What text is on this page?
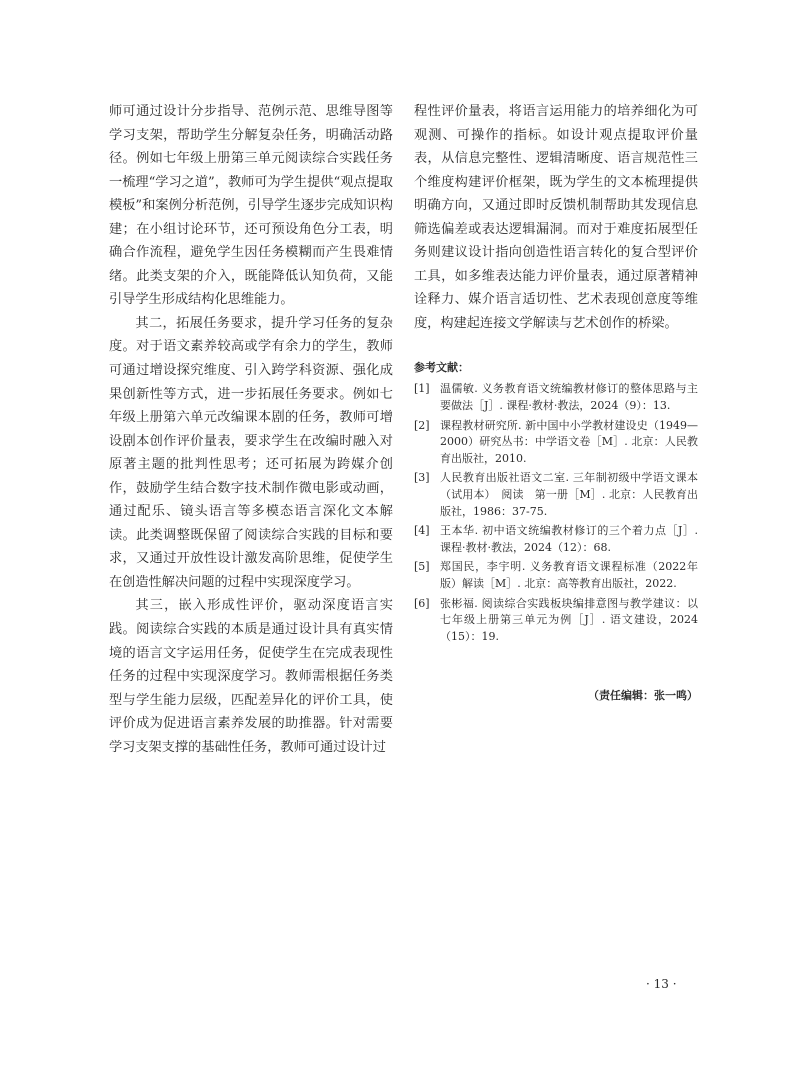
师可通过设计分步指导、范例示范、思维导图等学习支架，帮助学生分解复杂任务，明确活动路径。例如七年级上册第三单元阅读综合实践任务一梳理“学习之道”，教师可为学生提供“观点提取模板”和案例分析范例，引导学生逐步完成知识构建；在小组讨论环节，还可预设角色分工表，明确合作流程，避免学生因任务模糊而产生畏难情绪。此类支架的介入，既能降低认知负荷，又能引导学生形成结构化思维能力。

其二，拓展任务要求，提升学习任务的复杂度。对于语文素养较高或学有余力的学生，教师可通过增设探究维度、引入跨学科资源、强化成果创新性等方式，进一步拓展任务要求。例如七年级上册第六单元改编课本剧的任务，教师可增设剧本创作评价量表，要求学生在改编时融入对原著主题的批判性思考；还可拓展为跨媒介创作，鼓励学生结合数字技术制作微电影或动画，通过配乐、镜头语言等多模态语言深化文本解读。此类调整既保留了阅读综合实践的目标和要求，又通过开放性设计激发高阶思维，促使学生在创造性解决问题的过程中实现深度学习。

其三，嵌入形成性评价，驱动深度语言实践。阅读综合实践的本质是通过设计具有真实情境的语言文字运用任务，促使学生在完成表现性任务的过程中实现深度学习。教师需根据任务类型与学生能力层级，匹配差异化的评价工具，使评价成为促进语言素养发展的助推器。针对需要学习支架支撑的基础性任务，教师可通过设计过

程性评价量表，将语言运用能力的培养细化为可观测、可操作的指标。如设计观点提取评价量表，从信息完整性、逻辑清晰度、语言规范性三个维度构建评价框架，既为学生的文本梳理提供明确方向，又通过即时反馈机制帮助其发现信息筛选偏差或表达逻辑漏洞。而对于难度拓展型任务则建议设计指向创造性语言转化的复合型评价工具，如多维表达能力评价量表，通过原著精神诠释力、媒介语言适切性、艺术表现创意度等维度，构建起连接文学解读与艺术创作的桥梁。

参考文献：
[1] 温儒敏. 义务教育语文统编教材修订的整体思路与主要做法［J］. 课程·教材·教法，2024（9）：13.
[2] 课程教材研究所. 新中国中小学教材建设史（1949—2000）研究丛书：中学语文卷［M］. 北京：人民教育出版社，2010.
[3] 人民教育出版社语文二室. 三年制初级中学语文课本（试用本）　阅读　第一册［M］. 北京：人民教育出版社，1986：37-75.
[4] 王本华. 初中语文统编教材修订的三个着力点［J］. 课程·教材·教法，2024（12）：68.
[5] 郑国民，李宇明. 义务教育语文课程标准（2022年版）解读［M］. 北京：高等教育出版社，2022.
[6] 张彬福. 阅读综合实践板块编排意图与教学建议：以七年级上册第三单元为例［J］. 语文建设，2024（15）：19.
（责任编辑：张一鸣）
· 13 ·
